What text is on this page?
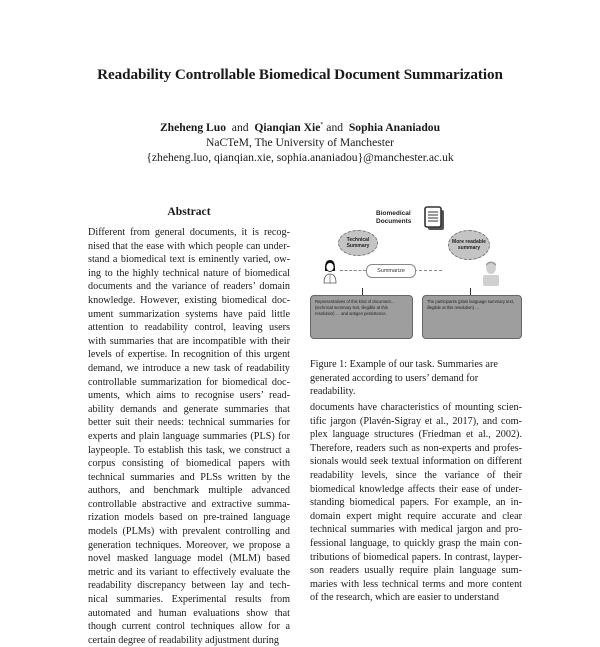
Readability Controllable Biomedical Document Summarization
Zheheng Luo and Qianqian Xie* and Sophia Ananiadou
NaCTeM, The University of Manchester
{zheheng.luo, qianqian.xie, sophia.ananiadou}@manchester.ac.uk
Abstract

Different from general documents, it is recognised that the ease with which people can understand a biomedical text is eminently varied, owing to the highly technical nature of biomedical documents and the variance of readers’ domain knowledge. However, existing biomedical document summarization systems have paid little attention to readability control, leaving users with summaries that are incompatible with their levels of expertise. In recognition of this urgent demand, we introduce a new task of readability controllable summarization for biomedical documents, which aims to recognise users’ readability demands and generate summaries that better suit their needs: technical summaries for experts and plain language summaries (PLS) for laypeople. To establish this task, we construct a corpus consisting of biomedical papers with technical summaries and PLSs written by the authors, and benchmark multiple advanced controllable abstractive and extractive summarization models based on pre-trained language models (PLMs) with prevalent controlling and generation techniques. Moreover, we propose a novel masked language model (MLM) based metric and its variant to effectively evaluate the readability discrepancy between lay and technical summaries. Experimental results from automated and human evaluations show that though current control techniques allow for a certain degree of readability adjustment during

Biomedical
Documents
Technical Summary
More readable summary
Summarize
Representatives of this kind of document… (technical summary text, illegible at this resolution) … and antigen persistence.
The participants (plain language summary text, illegible at this resolution) …
Figure 1: Example of our task. Summaries are generated according to users’ demand for readability.

documents have characteristics of mounting scientific jargon (Plavén-Sigray et al., 2017), and complex language structures (Friedman et al., 2002). Therefore, readers such as non-experts and professionals would seek textual information on different readability levels, since the variance of their biomedical knowledge affects their ease of understanding biomedical papers. For example, an indomain expert might require accurate and clear technical summaries with medical jargon and professional language, to quickly grasp the main contributions of biomedical papers. In contrast, layperson readers usually require plain language summaries with less technical terms and more content of the research, which are easier to understand
